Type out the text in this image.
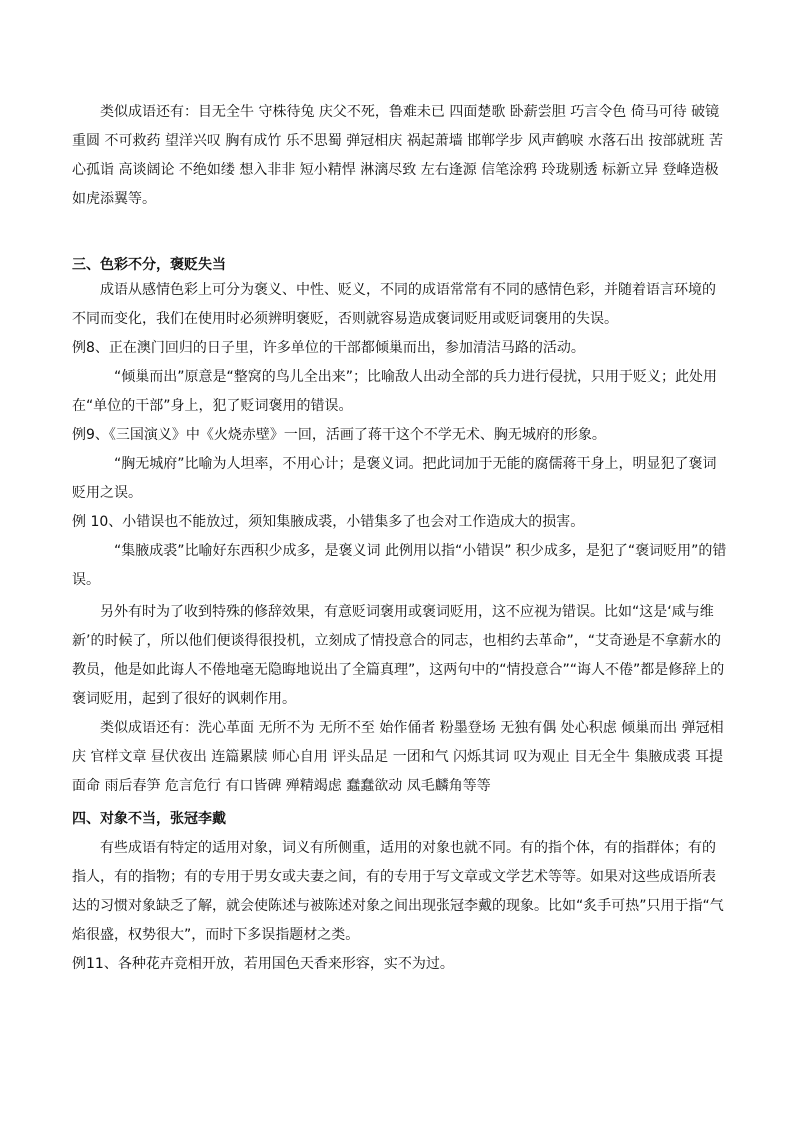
类似成语还有：目无全牛 守株待兔 庆父不死，鲁难未已 四面楚歌 卧薪尝胆 巧言令色 倚马可待 破镜重圆 不可救药 望洋兴叹 胸有成竹 乐不思蜀 弹冠相庆 祸起萧墙 邯郸学步 风声鹤唳 水落石出 按部就班 苦心孤诣 高谈阔论 不绝如缕 想入非非 短小精悍 淋漓尽致 左右逢源 信笔涂鸦 玲珑剔透 标新立异 登峰造极 如虎添翼等。

三、色彩不分，褒贬失当

成语从感情色彩上可分为褒义、中性、贬义，不同的成语常常有不同的感情色彩，并随着语言环境的不同而变化，我们在使用时必须辨明褒贬，否则就容易造成褒词贬用或贬词褒用的失误。

例8、正在澳门回归的日子里，许多单位的干部都倾巢而出，参加清洁马路的活动。

“倾巢而出”原意是“整窝的鸟儿全出来”；比喻敌人出动全部的兵力进行侵扰，只用于贬义；此处用在“单位的干部”身上，犯了贬词褒用的错误。

例9、《三国演义》中《火烧赤壁》一回，活画了蒋干这个不学无术、胸无城府的形象。

“胸无城府”比喻为人坦率，不用心计；是褒义词。把此词加于无能的腐儒蒋干身上，明显犯了褒词贬用之误。

例 10、小错误也不能放过，须知集腋成裘，小错集多了也会对工作造成大的损害。

“集腋成裘”比喻好东西积少成多，是褒义词 此例用以指“小错误” 积少成多，是犯了“褒词贬用”的错误。

另外有时为了收到特殊的修辞效果，有意贬词褒用或褒词贬用，这不应视为错误。比如“这是‘咸与维新’的时候了，所以他们便谈得很投机，立刻成了情投意合的同志，也相约去革命”，“艾奇逊是不拿薪水的教员，他是如此诲人不倦地毫无隐晦地说出了全篇真理”，这两句中的“情投意合”“诲人不倦”都是修辞上的褒词贬用，起到了很好的讽刺作用。

类似成语还有：洗心革面 无所不为 无所不至 始作俑者 粉墨登场 无独有偶 处心积虑 倾巢而出 弹冠相庆 官样文章 昼伏夜出 连篇累牍 师心自用 评头品足 一团和气 闪烁其词 叹为观止 目无全牛 集腋成裘 耳提面命 雨后春笋 危言危行 有口皆碑 殚精竭虑 蠢蠢欲动 凤毛麟角等等

四、对象不当，张冠李戴

有些成语有特定的适用对象，词义有所侧重，适用的对象也就不同。有的指个体，有的指群体；有的指人，有的指物；有的专用于男女或夫妻之间，有的专用于写文章或文学艺术等等。如果对这些成语所表达的习惯对象缺乏了解，就会使陈述与被陈述对象之间出现张冠李戴的现象。比如“炙手可热”只用于指“气焰很盛，权势很大”，而时下多误指题材之类。

例11、各种花卉竞相开放，若用国色天香来形容，实不为过。
